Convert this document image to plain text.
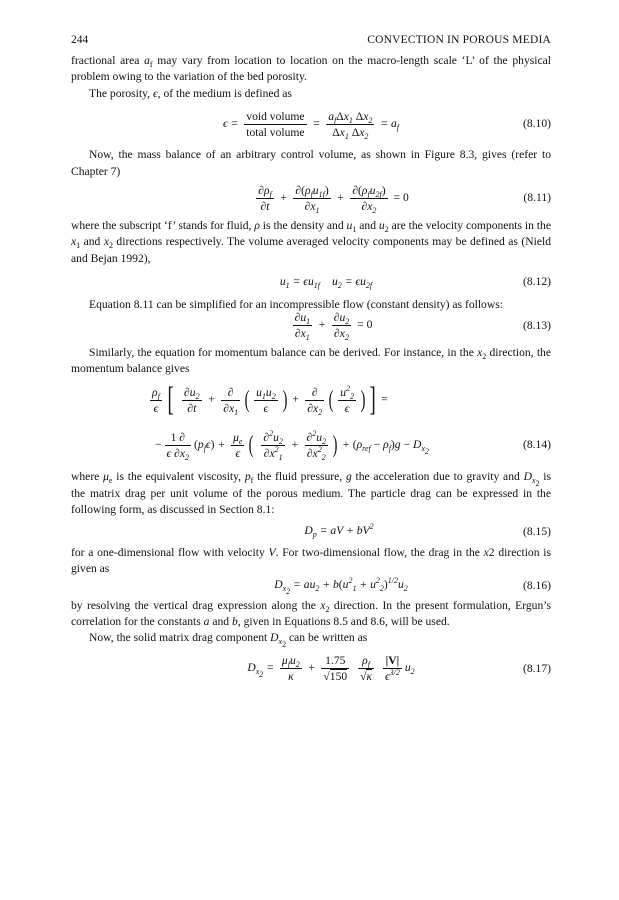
244	CONVECTION IN POROUS MEDIA

fractional area $a_f$ may vary from location to location on the macro-length scale ‘L’ of the physical problem owing to the variation of the bed porosity.

The porosity, ϵ, of the medium is defined as

$\epsilon = \frac{\text{void volume}}{\text{total volume}} = \frac{a_f\Delta x_1 \Delta x_2}{\Delta x_1 \Delta x_2} = a_f$	(8.10)

Now, the mass balance of an arbitrary control volume, as shown in Figure 8.3, gives (refer to Chapter 7)

$\frac{\partial\rho_f}{\partial t} + \frac{\partial(\rho_fu_{1f})}{\partial x_1} + \frac{\partial(\rho_fu_{2f})}{\partial x_2} = 0$	(8.11)

where the subscript ‘f’ stands for fluid, ρ is the density and $u_1$ and $u_2$ are the velocity components in the $x_1$ and $x_2$ directions respectively. The volume averaged velocity components may be defined as (Nield and Bejan 1992),

$u_1 = \epsilon u_{1f}$ $u_2 = \epsilon u_{2f}$	(8.12)

Equation 8.11 can be simplified for an incompressible flow (constant density) as follows:

$\frac{\partial u_1}{\partial x_1} + \frac{\partial u_2}{\partial x_2} = 0$	(8.13)

Similarly, the equation for momentum balance can be derived. For instance, in the $x_2$ direction, the momentum balance gives

$\frac{\rho_f}{\epsilon}$ [ $\frac{\partial u_2}{\partial t} + \frac{\partial}{\partial x_1}$ ( $\frac{u_1u_2}{\epsilon}$ ) + $\frac{\partial}{\partial x_2}$ ( $\frac{u^2_2}{\epsilon}$ ) ] =
− $\frac{1 \partial}{\epsilon \partial x_2} (p_f\epsilon) + \frac{\mu_e}{\epsilon}$ ( $\frac{\partial^2u_2}{\partial x^2_1} + \frac{\partial^2u_2}{\partial x^2_2}$ ) + $(\rho_{ref} - \rho_f)g - D_{x_2}$
(8.14)

where $\mu_e$ is the equivalent viscosity, $p_f$ the fluid pressure, g the acceleration due to gravity and $D_{x_2}$ is the matrix drag per unit volume of the porous medium. The particle drag can be expressed in the following form, as discussed in Section 8.1:

$D_p$ = aV + $bV^2$	(8.15)

for a one-dimensional flow with velocity V. For two-dimensional flow, the drag in the x2 direction is given as

$D_{x_2} = au_2 + b(u^2_1 + u^2_2)^{1/2}u_2$	(8.16)

by resolving the vertical drag expression along the $x_2$ direction. In the present formulation, Ergun’s correlation for the constants a and b, given in Equations 8.5 and 8.6, will be used.

Now, the solid matrix drag component $D_{x_2}$ can be written as

$D_{x_2} = \frac{\mu_fu_2}{\kappa} + \frac{1.75}{√150}$
$\frac{\rho_f}{√\kappa}$
$\frac{|V|}{\epsilon^{3/2}} u_2$	(8.17)
